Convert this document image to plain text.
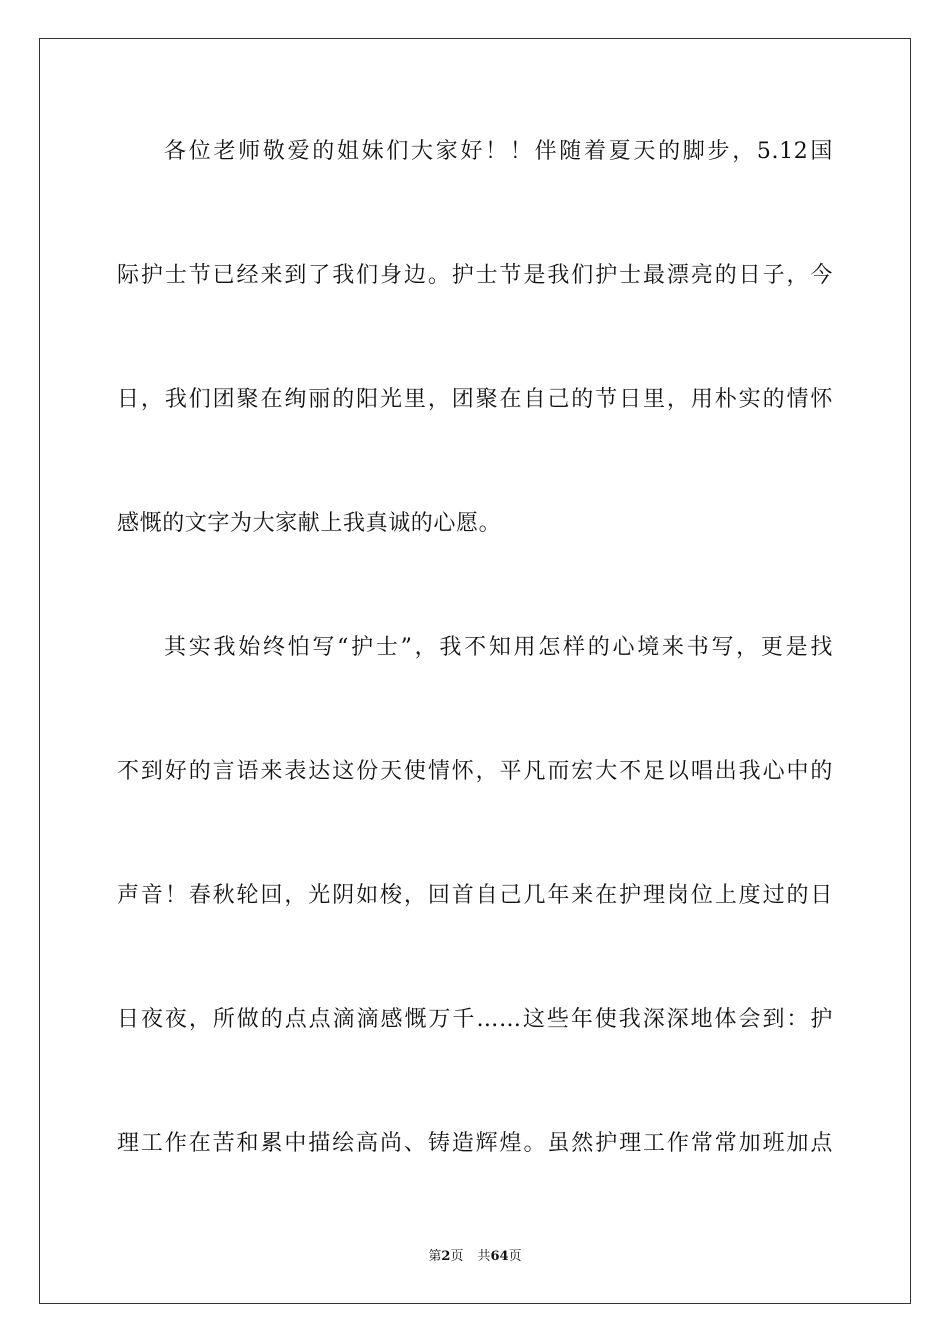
各位老师敬爱的姐妹们大家好！！伴随着夏天的脚步，5.12国
际护士节已经来到了我们身边。护士节是我们护士最漂亮的日子，今
日，我们团聚在绚丽的阳光里，团聚在自己的节日里，用朴实的情怀
感慨的文字为大家献上我真诚的心愿。
其实我始终怕写“护士”，我不知用怎样的心境来书写，更是找
不到好的言语来表达这份天使情怀，平凡而宏大不足以唱出我心中的
声音！春秋轮回，光阴如梭，回首自己几年来在护理岗位上度过的日
日夜夜，所做的点点滴滴感慨万千……这些年使我深深地体会到：护
理工作在苦和累中描绘高尚、铸造辉煌。虽然护理工作常常加班加点
第2页 共64页
